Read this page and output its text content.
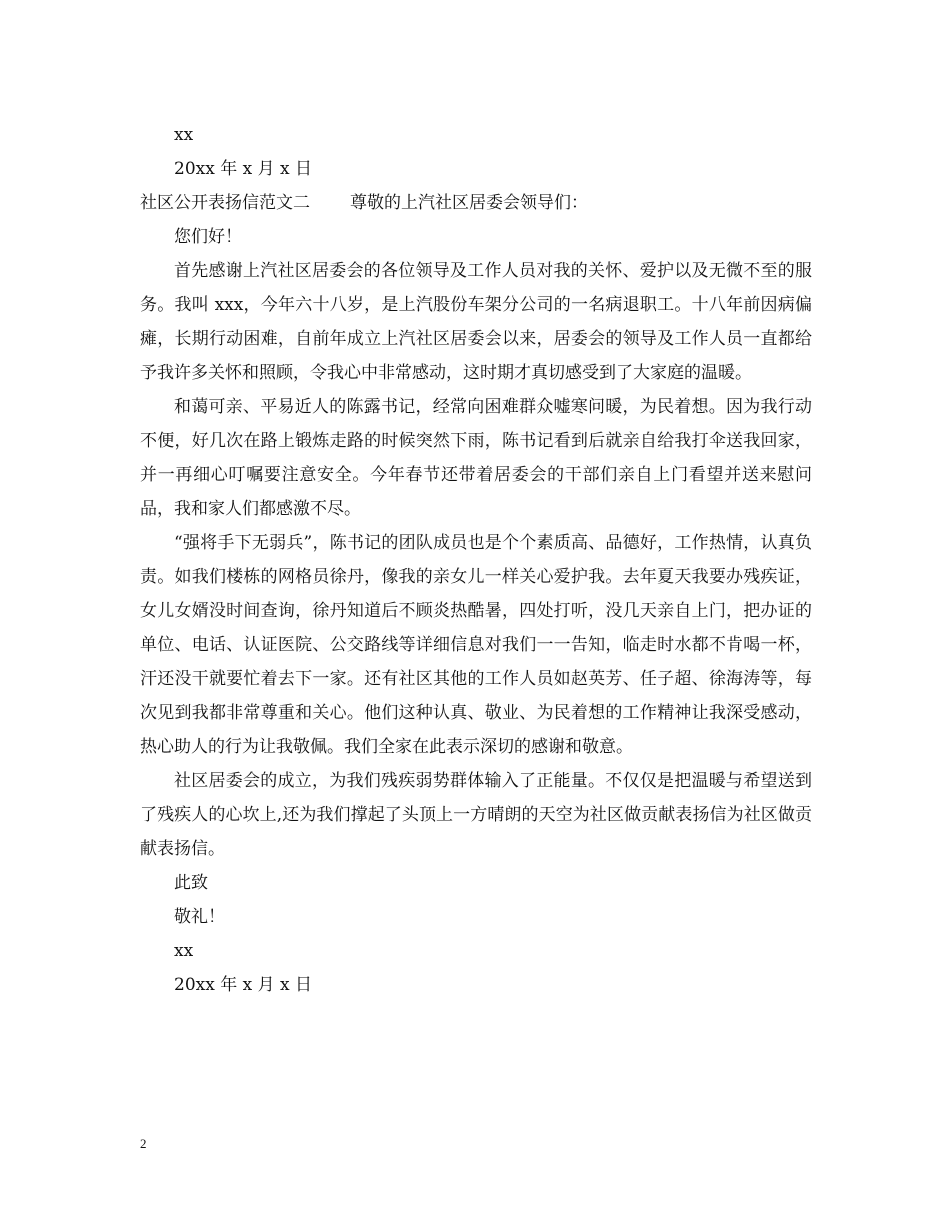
xx
20xx 年 x 月 x 日
社区公开表扬信范文二 尊敬的上汽社区居委会领导们：
您们好！

首先感谢上汽社区居委会的各位领导及工作人员对我的关怀、爱护以及无微不至的服务。我叫 xxx，今年六十八岁，是上汽股份车架分公司的一名病退职工。十八年前因病偏瘫，长期行动困难，自前年成立上汽社区居委会以来，居委会的领导及工作人员一直都给予我许多关怀和照顾，令我心中非常感动，这时期才真切感受到了大家庭的温暖。

和蔼可亲、平易近人的陈露书记，经常向困难群众嘘寒问暖，为民着想。因为我行动不便，好几次在路上锻炼走路的时候突然下雨，陈书记看到后就亲自给我打伞送我回家，并一再细心叮嘱要注意安全。今年春节还带着居委会的干部们亲自上门看望并送来慰问品，我和家人们都感激不尽。

“强将手下无弱兵”，陈书记的团队成员也是个个素质高、品德好，工作热情，认真负责。如我们楼栋的网格员徐丹，像我的亲女儿一样关心爱护我。去年夏天我要办残疾证，女儿女婿没时间查询，徐丹知道后不顾炎热酷暑，四处打听，没几天亲自上门，把办证的单位、电话、认证医院、公交路线等详细信息对我们一一告知，临走时水都不肯喝一杯，汗还没干就要忙着去下一家。还有社区其他的工作人员如赵英芳、任子超、徐海涛等，每次见到我都非常尊重和关心。他们这种认真、敬业、为民着想的工作精神让我深受感动，热心助人的行为让我敬佩。我们全家在此表示深切的感谢和敬意。

社区居委会的成立，为我们残疾弱势群体输入了正能量。不仅仅是把温暖与希望送到了残疾人的心坎上,还为我们撑起了头顶上一方晴朗的天空为社区做贡献表扬信为社区做贡献表扬信。

此致
敬礼！
xx
20xx 年 x 月 x 日
2
